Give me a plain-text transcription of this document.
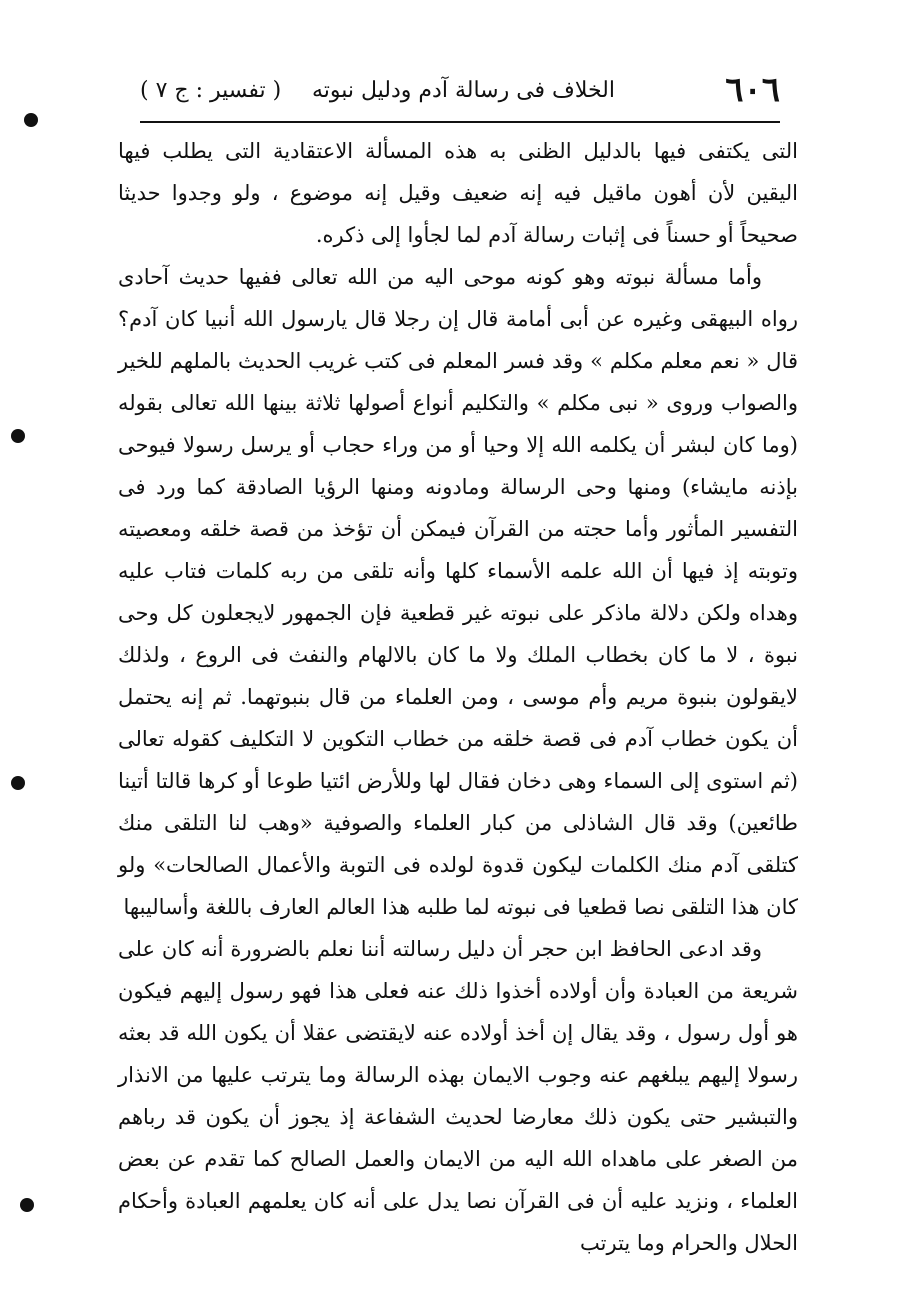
٦٠٦
الخلاف فى رسالة آدم ودليل نبوته
( تفسير : ج ٧ )

التى يكتفى فيها بالدليل الظنى به هذه المسألة الاعتقادية التى يطلب فيها اليقين لأن أهون ماقيل فيه إنه ضعيف وقيل إنه موضوع ، ولو وجدوا حديثا صحيحاً أو حسناً فى إثبات رسالة آدم لما لجأوا إلى ذكره.

وأما مسألة نبوته وهو كونه موحى اليه من الله تعالى ففيها حديث آحادى رواه البيهقى وغيره عن أبى أمامة قال إن رجلا قال يارسول الله أنبيا كان آدم؟ قال « نعم معلم مكلم » وقد فسر المعلم فى كتب غريب الحديث بالملهم للخير والصواب وروى « نبى مكلم » والتكليم أنواع أصولها ثلاثة بينها الله تعالى بقوله (وما كان لبشر أن يكلمه الله إلا وحيا أو من وراء حجاب أو يرسل رسولا فيوحى بإذنه مايشاء) ومنها وحى الرسالة ومادونه ومنها الرؤيا الصادقة كما ورد فى التفسير المأثور وأما حجته من القرآن فيمكن أن تؤخذ من قصة خلقه ومعصيته وتوبته إذ فيها أن الله علمه الأسماء كلها وأنه تلقى من ربه كلمات فتاب عليه وهداه ولكن دلالة ماذكر على نبوته غير قطعية فإن الجمهور لايجعلون كل وحى نبوة ، لا ما كان بخطاب الملك ولا ما كان بالالهام والنفث فى الروع ، ولذلك لايقولون بنبوة مريم وأم موسى ، ومن العلماء من قال بنبوتهما. ثم إنه يحتمل أن يكون خطاب آدم فى قصة خلقه من خطاب التكوين لا التكليف كقوله تعالى (ثم استوى إلى السماء وهى دخان فقال لها وللأرض ائتيا طوعا أو كرها قالتا أتينا طائعين) وقد قال الشاذلى من كبار العلماء والصوفية «وهب لنا التلقى منك كتلقى آدم منك الكلمات ليكون قدوة لولده فى التوبة والأعمال الصالحات» ولو كان هذا التلقى نصا قطعيا فى نبوته لما طلبه هذا العالم العارف باللغة وأساليبها

وقد ادعى الحافظ ابن حجر أن دليل رسالته أننا نعلم بالضرورة أنه كان على شريعة من العبادة وأن أولاده أخذوا ذلك عنه فعلى هذا فهو رسول إليهم فيكون هو أول رسول ، وقد يقال إن أخذ أولاده عنه لايقتضى عقلا أن يكون الله قد بعثه رسولا إليهم يبلغهم عنه وجوب الايمان بهذه الرسالة وما يترتب عليها من الانذار والتبشير حتى يكون ذلك معارضا لحديث الشفاعة إذ يجوز أن يكون قد رباهم من الصغر على ماهداه الله اليه من الايمان والعمل الصالح كما تقدم عن بعض العلماء ، ونزيد عليه أن فى القرآن نصا يدل على أنه كان يعلمهم العبادة وأحكام الحلال والحرام وما يترتب
